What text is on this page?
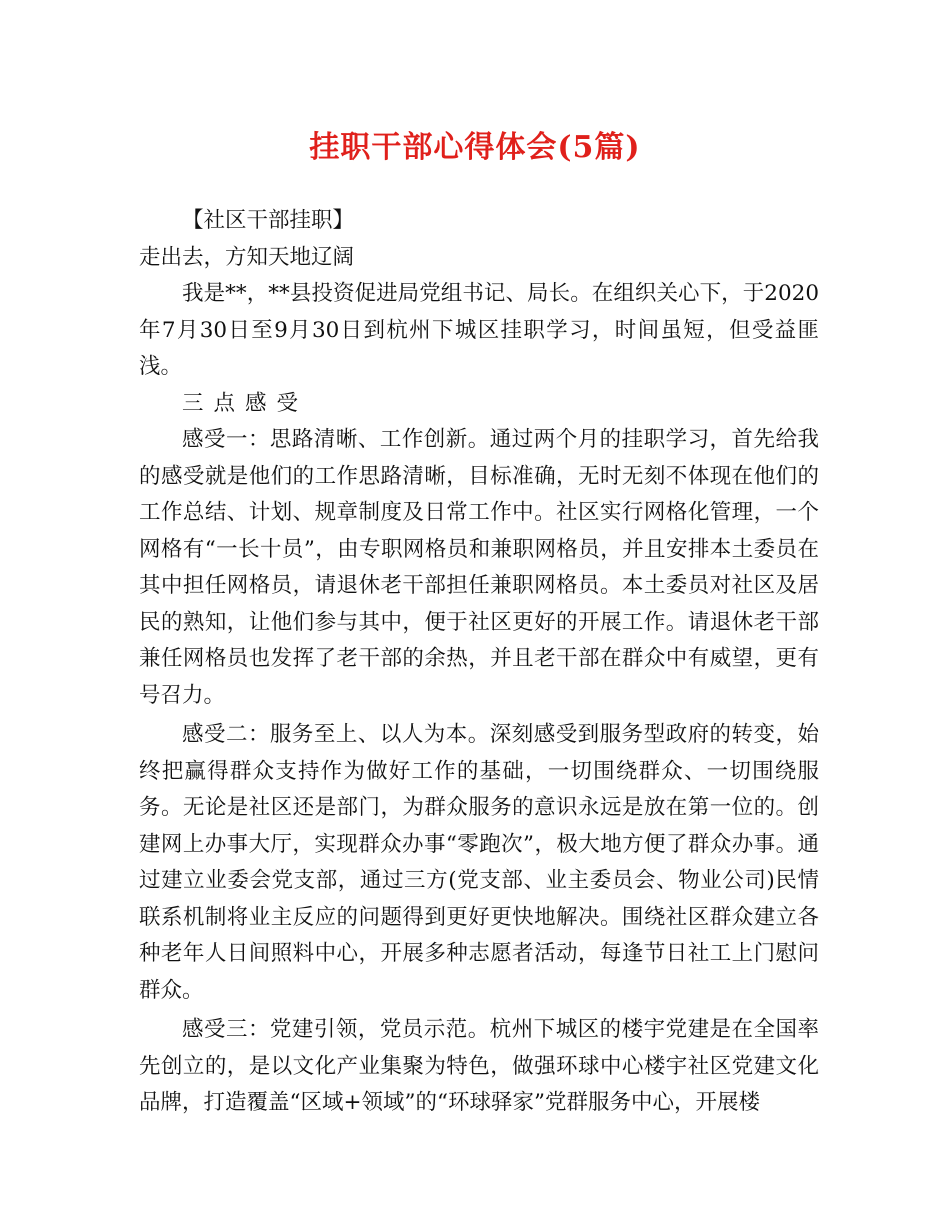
挂职干部心得体会(5篇)

【社区干部挂职】

走出去，方知天地辽阔

我是**，**县投资促进局党组书记、局长。在组织关心下，于2020年7月30日至9月30日到杭州下城区挂职学习，时间虽短，但受益匪浅。

三点感受

感受一：思路清晰、工作创新。通过两个月的挂职学习，首先给我的感受就是他们的工作思路清晰，目标准确，无时无刻不体现在他们的工作总结、计划、规章制度及日常工作中。社区实行网格化管理，一个网格有“一长十员”，由专职网格员和兼职网格员，并且安排本土委员在其中担任网格员，请退休老干部担任兼职网格员。本土委员对社区及居民的熟知，让他们参与其中，便于社区更好的开展工作。请退休老干部兼任网格员也发挥了老干部的余热，并且老干部在群众中有威望，更有号召力。

感受二：服务至上、以人为本。深刻感受到服务型政府的转变，始终把赢得群众支持作为做好工作的基础，一切围绕群众、一切围绕服务。无论是社区还是部门，为群众服务的意识永远是放在第一位的。创建网上办事大厅，实现群众办事“零跑次”，极大地方便了群众办事。通过建立业委会党支部，通过三方(党支部、业主委员会、物业公司)民情联系机制将业主反应的问题得到更好更快地解决。围绕社区群众建立各种老年人日间照料中心，开展多种志愿者活动，每逢节日社工上门慰问群众。

感受三：党建引领，党员示范。杭州下城区的楼宇党建是在全国率先创立的，是以文化产业集聚为特色，做强环球中心楼宇社区党建文化品牌，打造覆盖“区域+领域”的“环球驿家”党群服务中心，开展楼
